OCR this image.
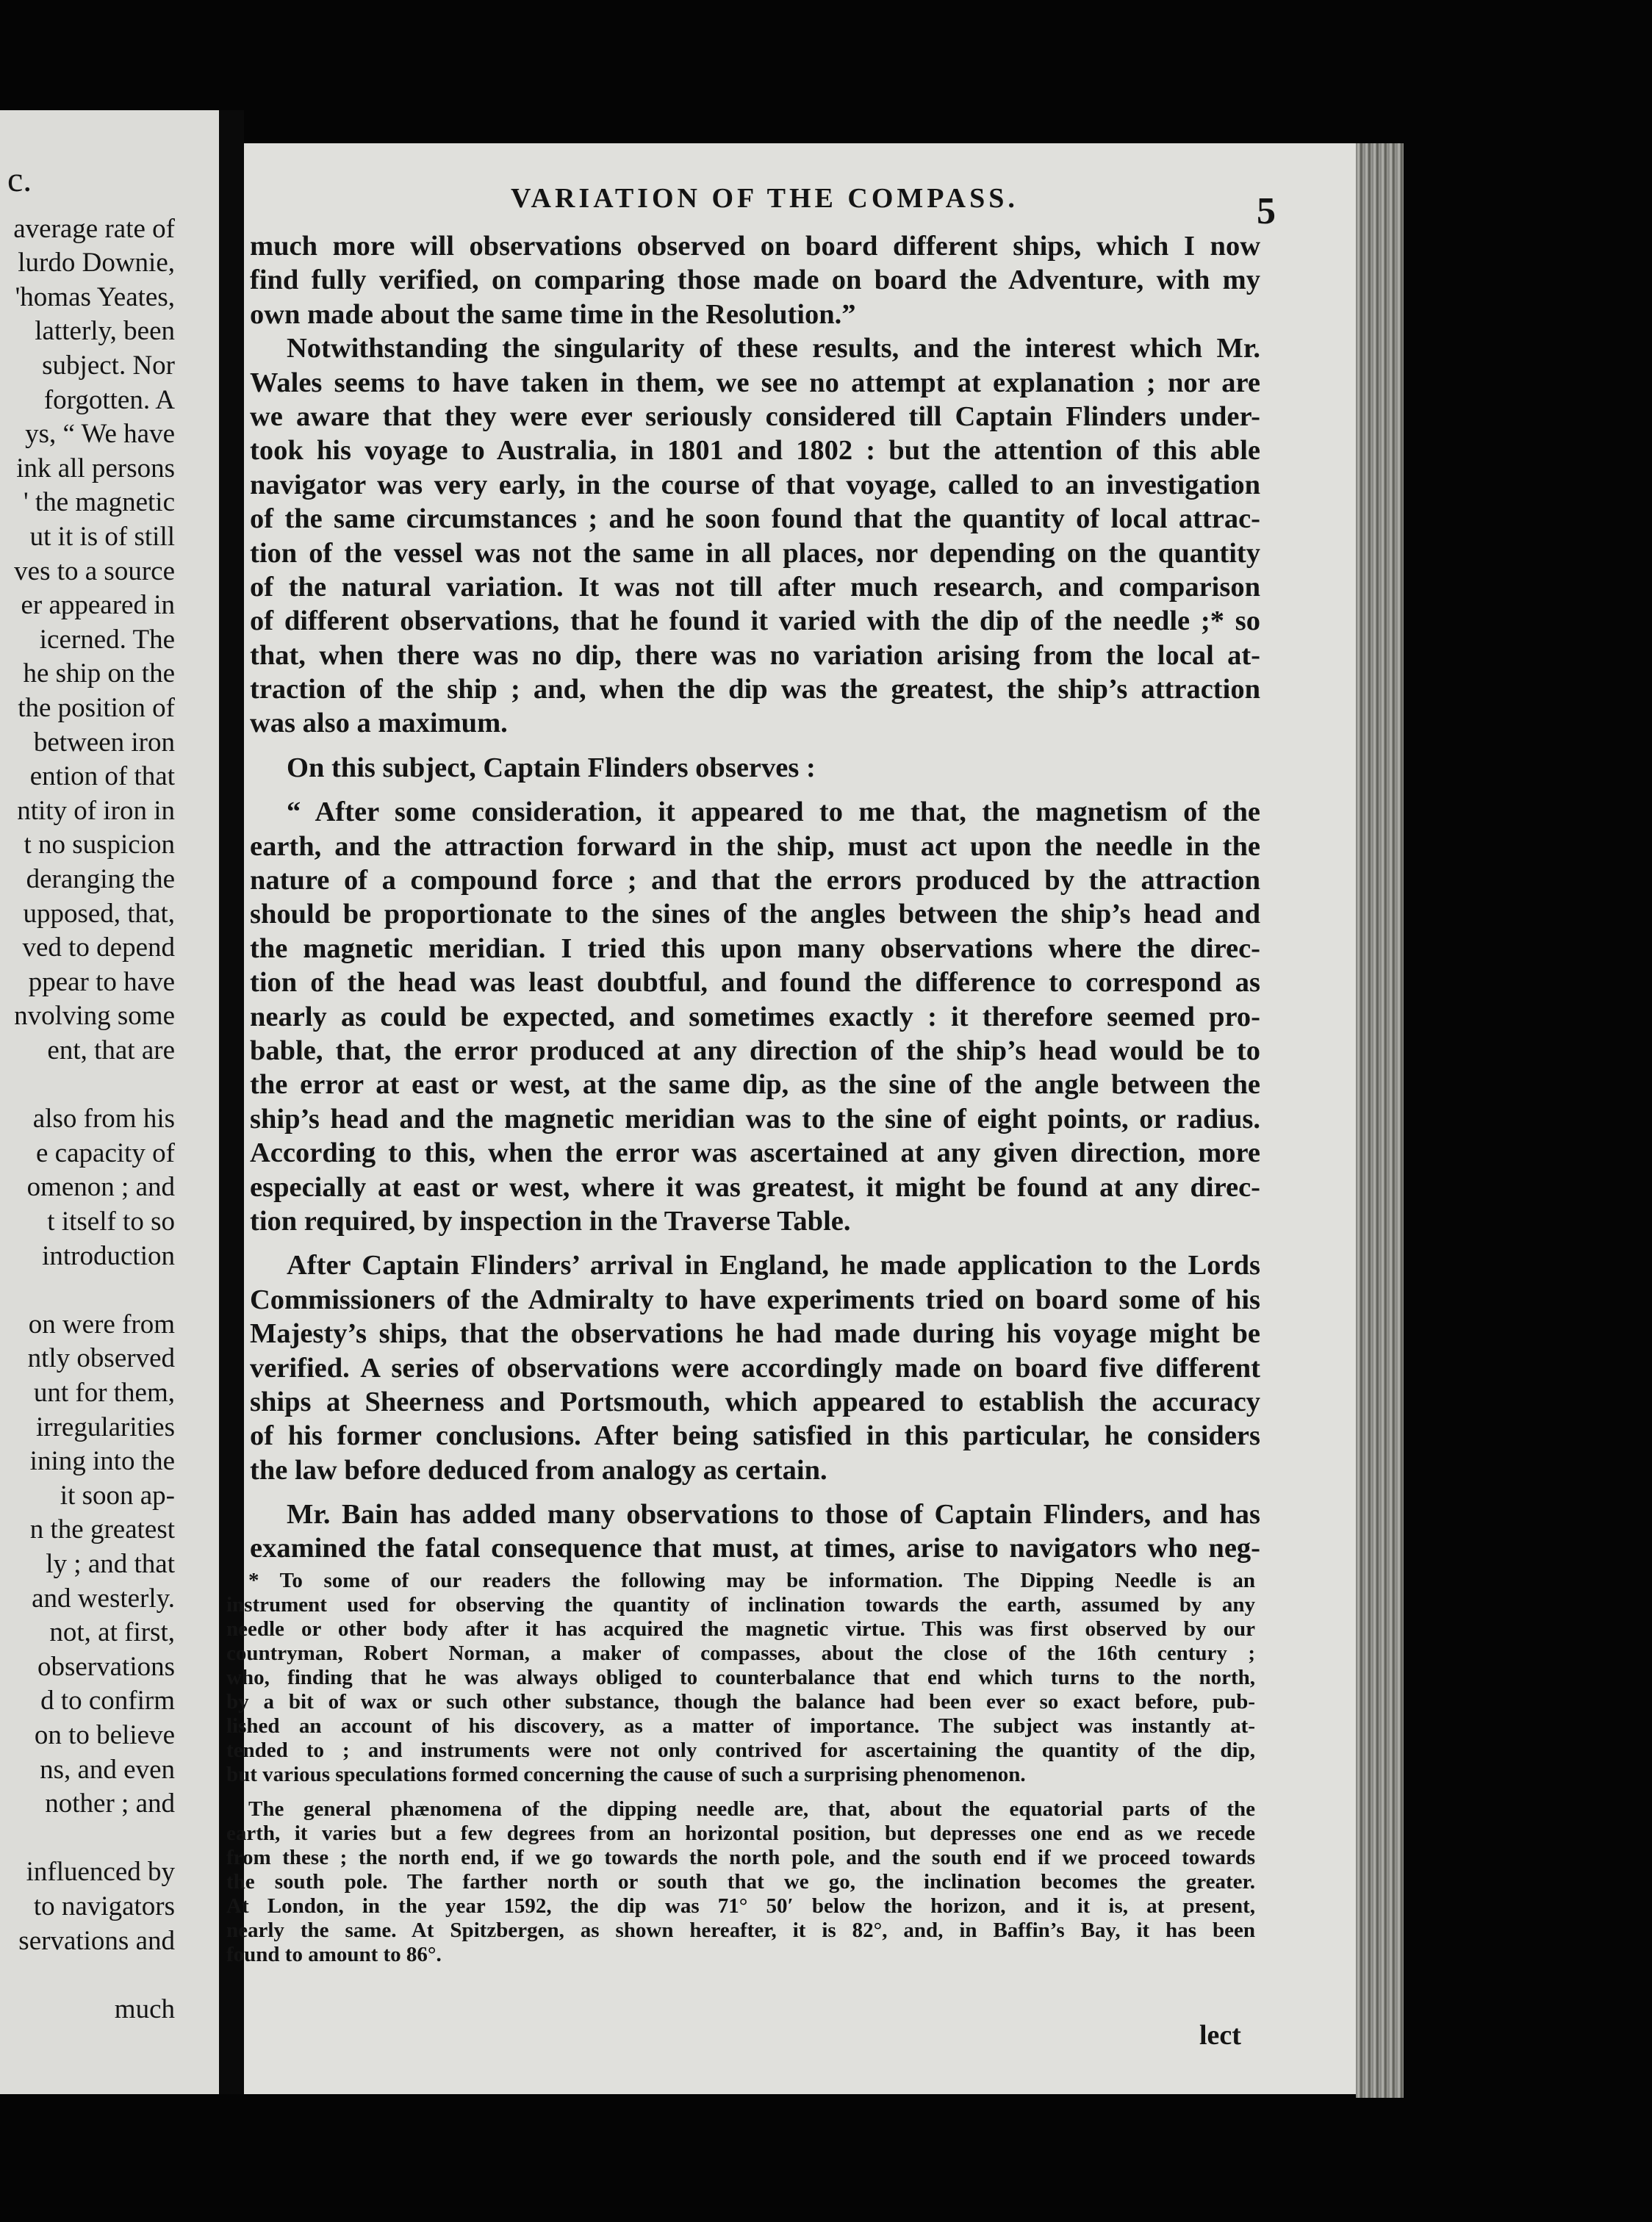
c.
average rate of
lurdo Downie,
'homas Yeates,
latterly, been
subject. Nor
forgotten. A
ys, “ We have
ink all persons
' the magnetic
ut it is of still
ves to a source
er appeared in
icerned. The
he ship on the
the position of
between iron
ention of that
ntity of iron in
t no suspicion
deranging the
upposed, that,
ved to depend
ppear to have
nvolving some
ent, that are
also from his
e capacity of
omenon ; and
t itself to so
introduction
on were from
ntly observed
unt for them,
irregularities
ining into the
it soon ap-
n the greatest
ly ; and that
and westerly.
not, at first,
observations
d to confirm
on to believe
ns, and even
nother ; and
influenced by
to navigators
servations and
much
VARIATION OF THE COMPASS.	5
much more will observations observed on board different ships, which I now
find fully verified, on comparing those made on board the Adventure, with my
own made about the same time in the Resolution.”
Notwithstanding the singularity of these results, and the interest which Mr.
Wales seems to have taken in them, we see no attempt at explanation ; nor are
we aware that they were ever seriously considered till Captain Flinders under-
took his voyage to Australia, in 1801 and 1802 : but the attention of this able
navigator was very early, in the course of that voyage, called to an investigation
of the same circumstances ; and he soon found that the quantity of local attrac-
tion of the vessel was not the same in all places, nor depending on the quantity
of the natural variation. It was not till after much research, and comparison
of different observations, that he found it varied with the dip of the needle ;* so
that, when there was no dip, there was no variation arising from the local at-
traction of the ship ; and, when the dip was the greatest, the ship’s attraction
was also a maximum.
On this subject, Captain Flinders observes :
“ After some consideration, it appeared to me that, the magnetism of the
earth, and the attraction forward in the ship, must act upon the needle in the
nature of a compound force ; and that the errors produced by the attraction
should be proportionate to the sines of the angles between the ship’s head and
the magnetic meridian. I tried this upon many observations where the direc-
tion of the head was least doubtful, and found the difference to correspond as
nearly as could be expected, and sometimes exactly : it therefore seemed pro-
bable, that, the error produced at any direction of the ship’s head would be to
the error at east or west, at the same dip, as the sine of the angle between the
ship’s head and the magnetic meridian was to the sine of eight points, or radius.
According to this, when the error was ascertained at any given direction, more
especially at east or west, where it was greatest, it might be found at any direc-
tion required, by inspection in the Traverse Table.
After Captain Flinders’ arrival in England, he made application to the Lords
Commissioners of the Admiralty to have experiments tried on board some of his
Majesty’s ships, that the observations he had made during his voyage might be
verified. A series of observations were accordingly made on board five different
ships at Sheerness and Portsmouth, which appeared to establish the accuracy
of his former conclusions. After being satisfied in this particular, he considers
the law before deduced from analogy as certain.
Mr. Bain has added many observations to those of Captain Flinders, and has
examined the fatal consequence that must, at times, arise to navigators who neg-
* To some of our readers the following may be information. The Dipping Needle is an
instrument used for observing the quantity of inclination towards the earth, assumed by any
needle or other body after it has acquired the magnetic virtue. This was first observed by our
countryman, Robert Norman, a maker of compasses, about the close of the 16th century ;
who, finding that he was always obliged to counterbalance that end which turns to the north,
by a bit of wax or such other substance, though the balance had been ever so exact before, pub-
lished an account of his discovery, as a matter of importance. The subject was instantly at-
tended to ; and instruments were not only contrived for ascertaining the quantity of the dip,
but various speculations formed concerning the cause of such a surprising phenomenon.
The general phænomena of the dipping needle are, that, about the equatorial parts of the
earth, it varies but a few degrees from an horizontal position, but depresses one end as we recede
from these ; the north end, if we go towards the north pole, and the south end if we proceed towards
the south pole. The farther north or south that we go, the inclination becomes the greater.
At London, in the year 1592, the dip was 71° 50′ below the horizon, and it is, at present,
nearly the same. At Spitzbergen, as shown hereafter, it is 82°, and, in Baffin’s Bay, it has been
found to amount to 86°.
lect
